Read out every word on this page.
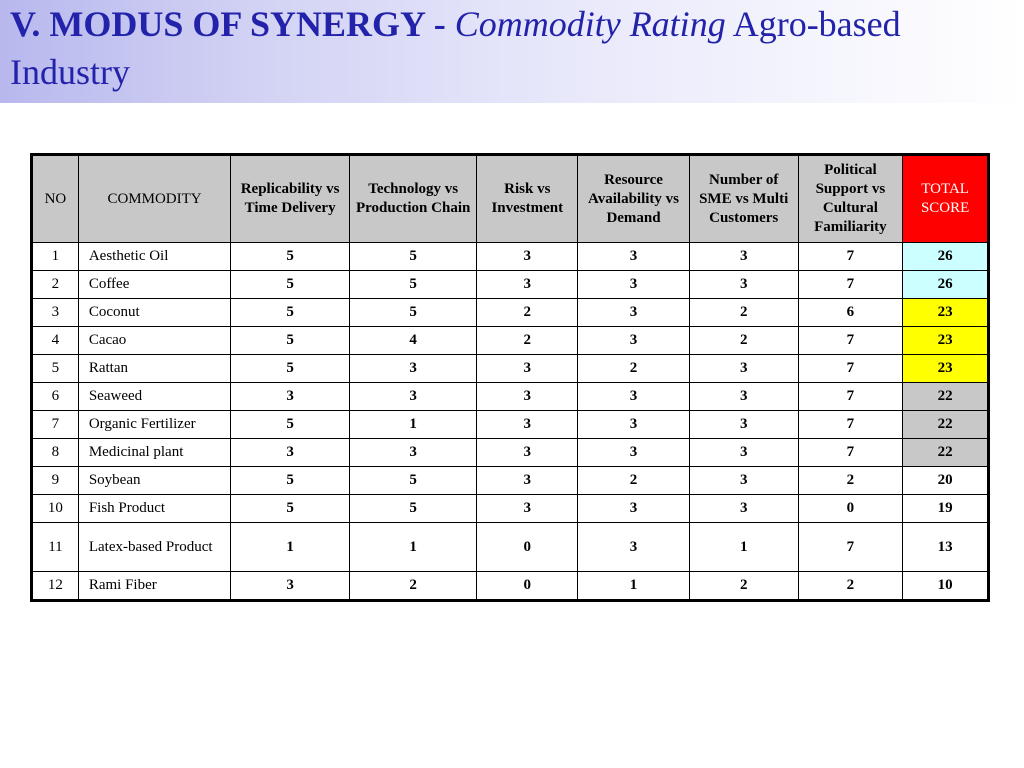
V. MODUS OF SYNERGY - Commodity Rating Agro-based Industry
NO	COMMODITY	Replicability vs Time Delivery	Technology vs Production Chain	Risk vs Investment	Resource Availability vs Demand	Number of SME vs Multi Customers	Political Support vs Cultural Familiarity	TOTAL SCORE
1	Aesthetic Oil	5	5	3	3	3	7	26
2	Coffee	5	5	3	3	3	7	26
3	Coconut	5	5	2	3	2	6	23
4	Cacao	5	4	2	3	2	7	23
5	Rattan	5	3	3	2	3	7	23
6	Seaweed	3	3	3	3	3	7	22
7	Organic Fertilizer	5	1	3	3	3	7	22
8	Medicinal plant	3	3	3	3	3	7	22
9	Soybean	5	5	3	2	3	2	20
10	Fish Product	5	5	3	3	3	0	19
11	Latex-based Product	1	1	0	3	1	7	13
12	Rami Fiber	3	2	0	1	2	2	10
